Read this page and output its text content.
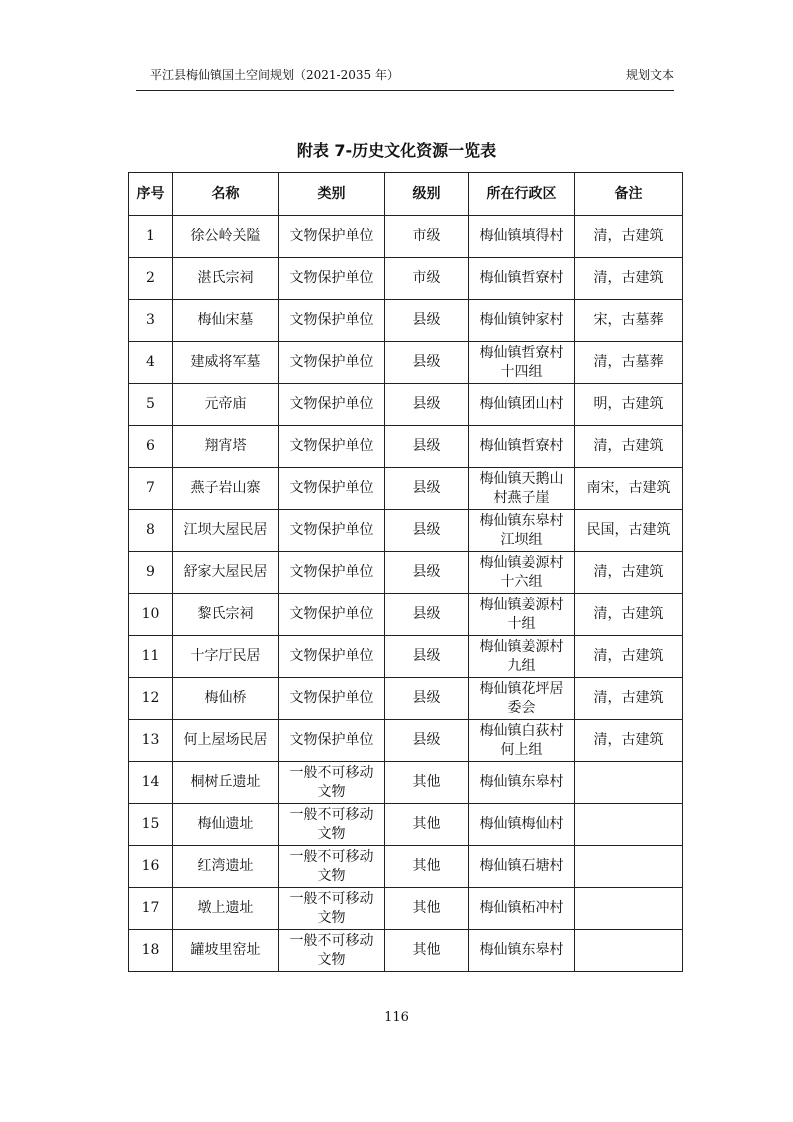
平江县梅仙镇国土空间规划（2021-2035 年）	规划文本
附表 7-历史文化资源一览表
序号	名称	类别	级别	所在行政区	备注
1	徐公岭关隘	文物保护单位	市级	梅仙镇填得村	清，古建筑
2	湛氏宗祠	文物保护单位	市级	梅仙镇哲寮村	清，古建筑
3	梅仙宋墓	文物保护单位	县级	梅仙镇钟家村	宋，古墓葬
4	建威将军墓	文物保护单位	县级	梅仙镇哲寮村十四组	清，古墓葬
5	元帝庙	文物保护单位	县级	梅仙镇团山村	明，古建筑
6	翔宵塔	文物保护单位	县级	梅仙镇哲寮村	清，古建筑
7	燕子岩山寨	文物保护单位	县级	梅仙镇天鹅山村燕子崖	南宋，古建筑
8	江坝大屋民居	文物保护单位	县级	梅仙镇东皋村江坝组	民国，古建筑
9	舒家大屋民居	文物保护单位	县级	梅仙镇姜源村十六组	清，古建筑
10	黎氏宗祠	文物保护单位	县级	梅仙镇姜源村十组	清，古建筑
11	十字厅民居	文物保护单位	县级	梅仙镇姜源村九组	清，古建筑
12	梅仙桥	文物保护单位	县级	梅仙镇花坪居委会	清，古建筑
13	何上屋场民居	文物保护单位	县级	梅仙镇白荻村何上组	清，古建筑
14	桐树丘遗址	一般不可移动文物	其他	梅仙镇东皋村	
15	梅仙遗址	一般不可移动文物	其他	梅仙镇梅仙村	
16	红湾遗址	一般不可移动文物	其他	梅仙镇石塘村	
17	墩上遗址	一般不可移动文物	其他	梅仙镇柘冲村	
18	罐坡里窑址	一般不可移动文物	其他	梅仙镇东皋村	
116
